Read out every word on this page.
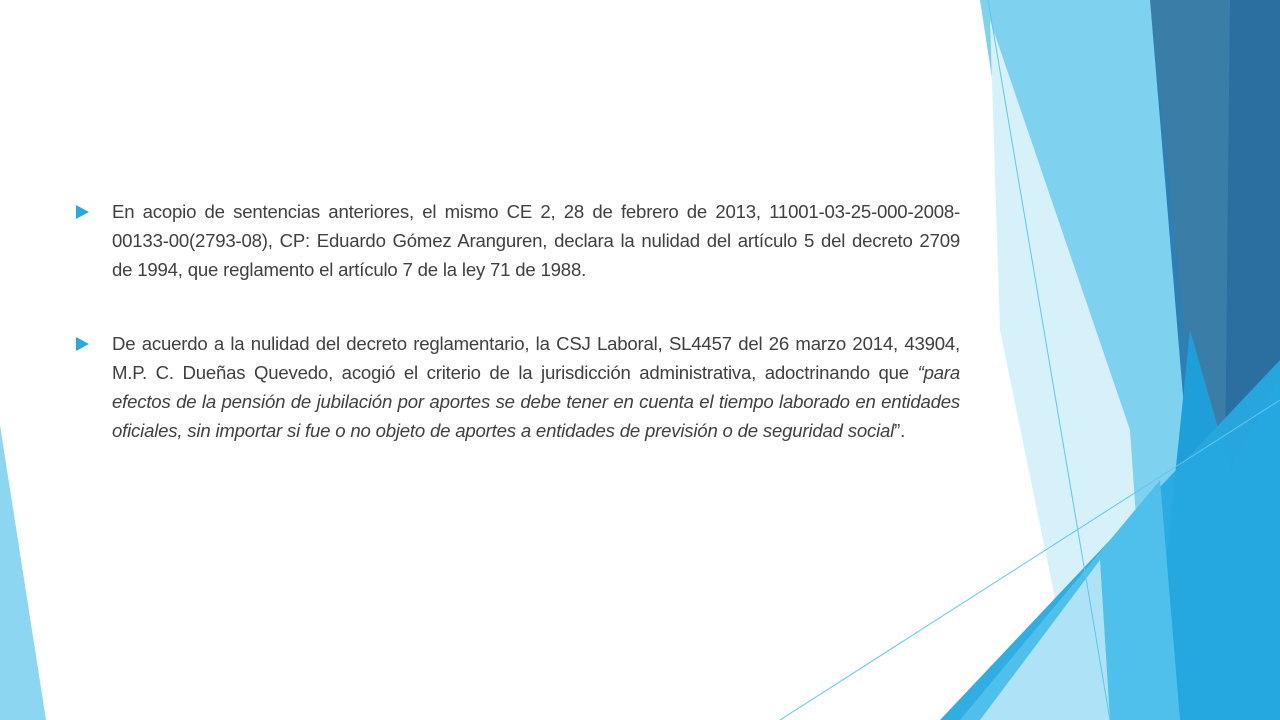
En acopio de sentencias anteriores, el mismo CE 2, 28 de febrero de 2013, 11001-03-25-000-2008-00133-00(2793-08), CP: Eduardo Gómez Aranguren, declara la nulidad del artículo 5 del decreto 2709 de 1994, que reglamento el artículo 7 de la ley 71 de 1988.

De acuerdo a la nulidad del decreto reglamentario, la CSJ Laboral, SL4457 del 26 marzo 2014, 43904, M.P. C. Dueñas Quevedo, acogió el criterio de la jurisdicción administrativa, adoctrinando que “para efectos de la pensión de jubilación por aportes se debe tener en cuenta el tiempo laborado en entidades oficiales, sin importar si fue o no objeto de aportes a entidades de previsión o de seguridad social”.
